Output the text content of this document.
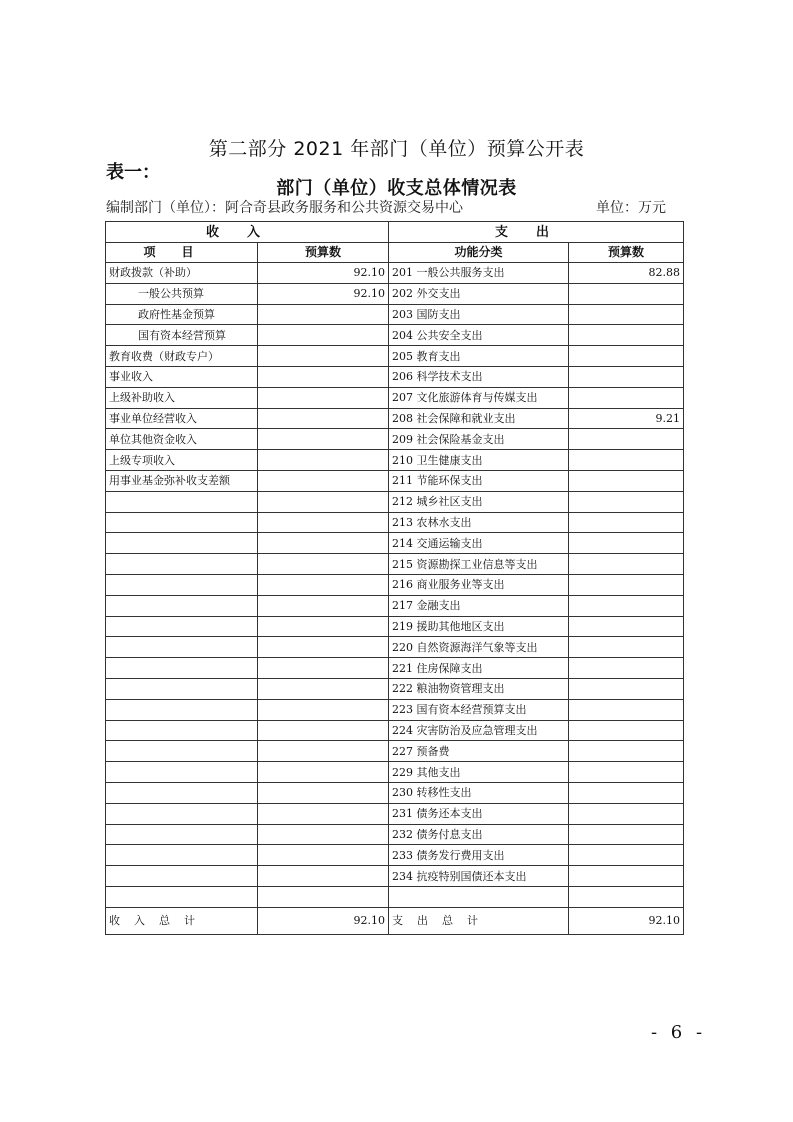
第二部分 2021 年部门（单位）预算公开表
表一：
部门（单位）收支总体情况表
编制部门（单位）：阿合奇县政务服务和公共资源交易中心	单位：万元
收入		支出	
项目	预算数	功能分类	预算数
财政拨款（补助）	92.10	201 一般公共服务支出	82.88
一般公共预算	92.10	202 外交支出	
政府性基金预算		203 国防支出	
国有资本经营预算		204 公共安全支出	
教育收费（财政专户）		205 教育支出	
事业收入		206 科学技术支出	
上级补助收入		207 文化旅游体育与传媒支出	
事业单位经营收入		208 社会保障和就业支出	9.21
单位其他资金收入		209 社会保险基金支出	
上级专项收入		210 卫生健康支出	
用事业基金弥补收支差额		211 节能环保支出	
		212 城乡社区支出	
		213 农林水支出	
		214 交通运输支出	
		215 资源勘探工业信息等支出	
		216 商业服务业等支出	
		217 金融支出	
		219 援助其他地区支出	
		220 自然资源海洋气象等支出	
		221 住房保障支出	
		222 粮油物资管理支出	
		223 国有资本经营预算支出	
		224 灾害防治及应急管理支出	
		227 预备费	
		229 其他支出	
		230 转移性支出	
		231 债务还本支出	
		232 债务付息支出	
		233 债务发行费用支出	
		234 抗疫特别国债还本支出	

收入总计	92.10	支出总计	92.10
- 6 -
